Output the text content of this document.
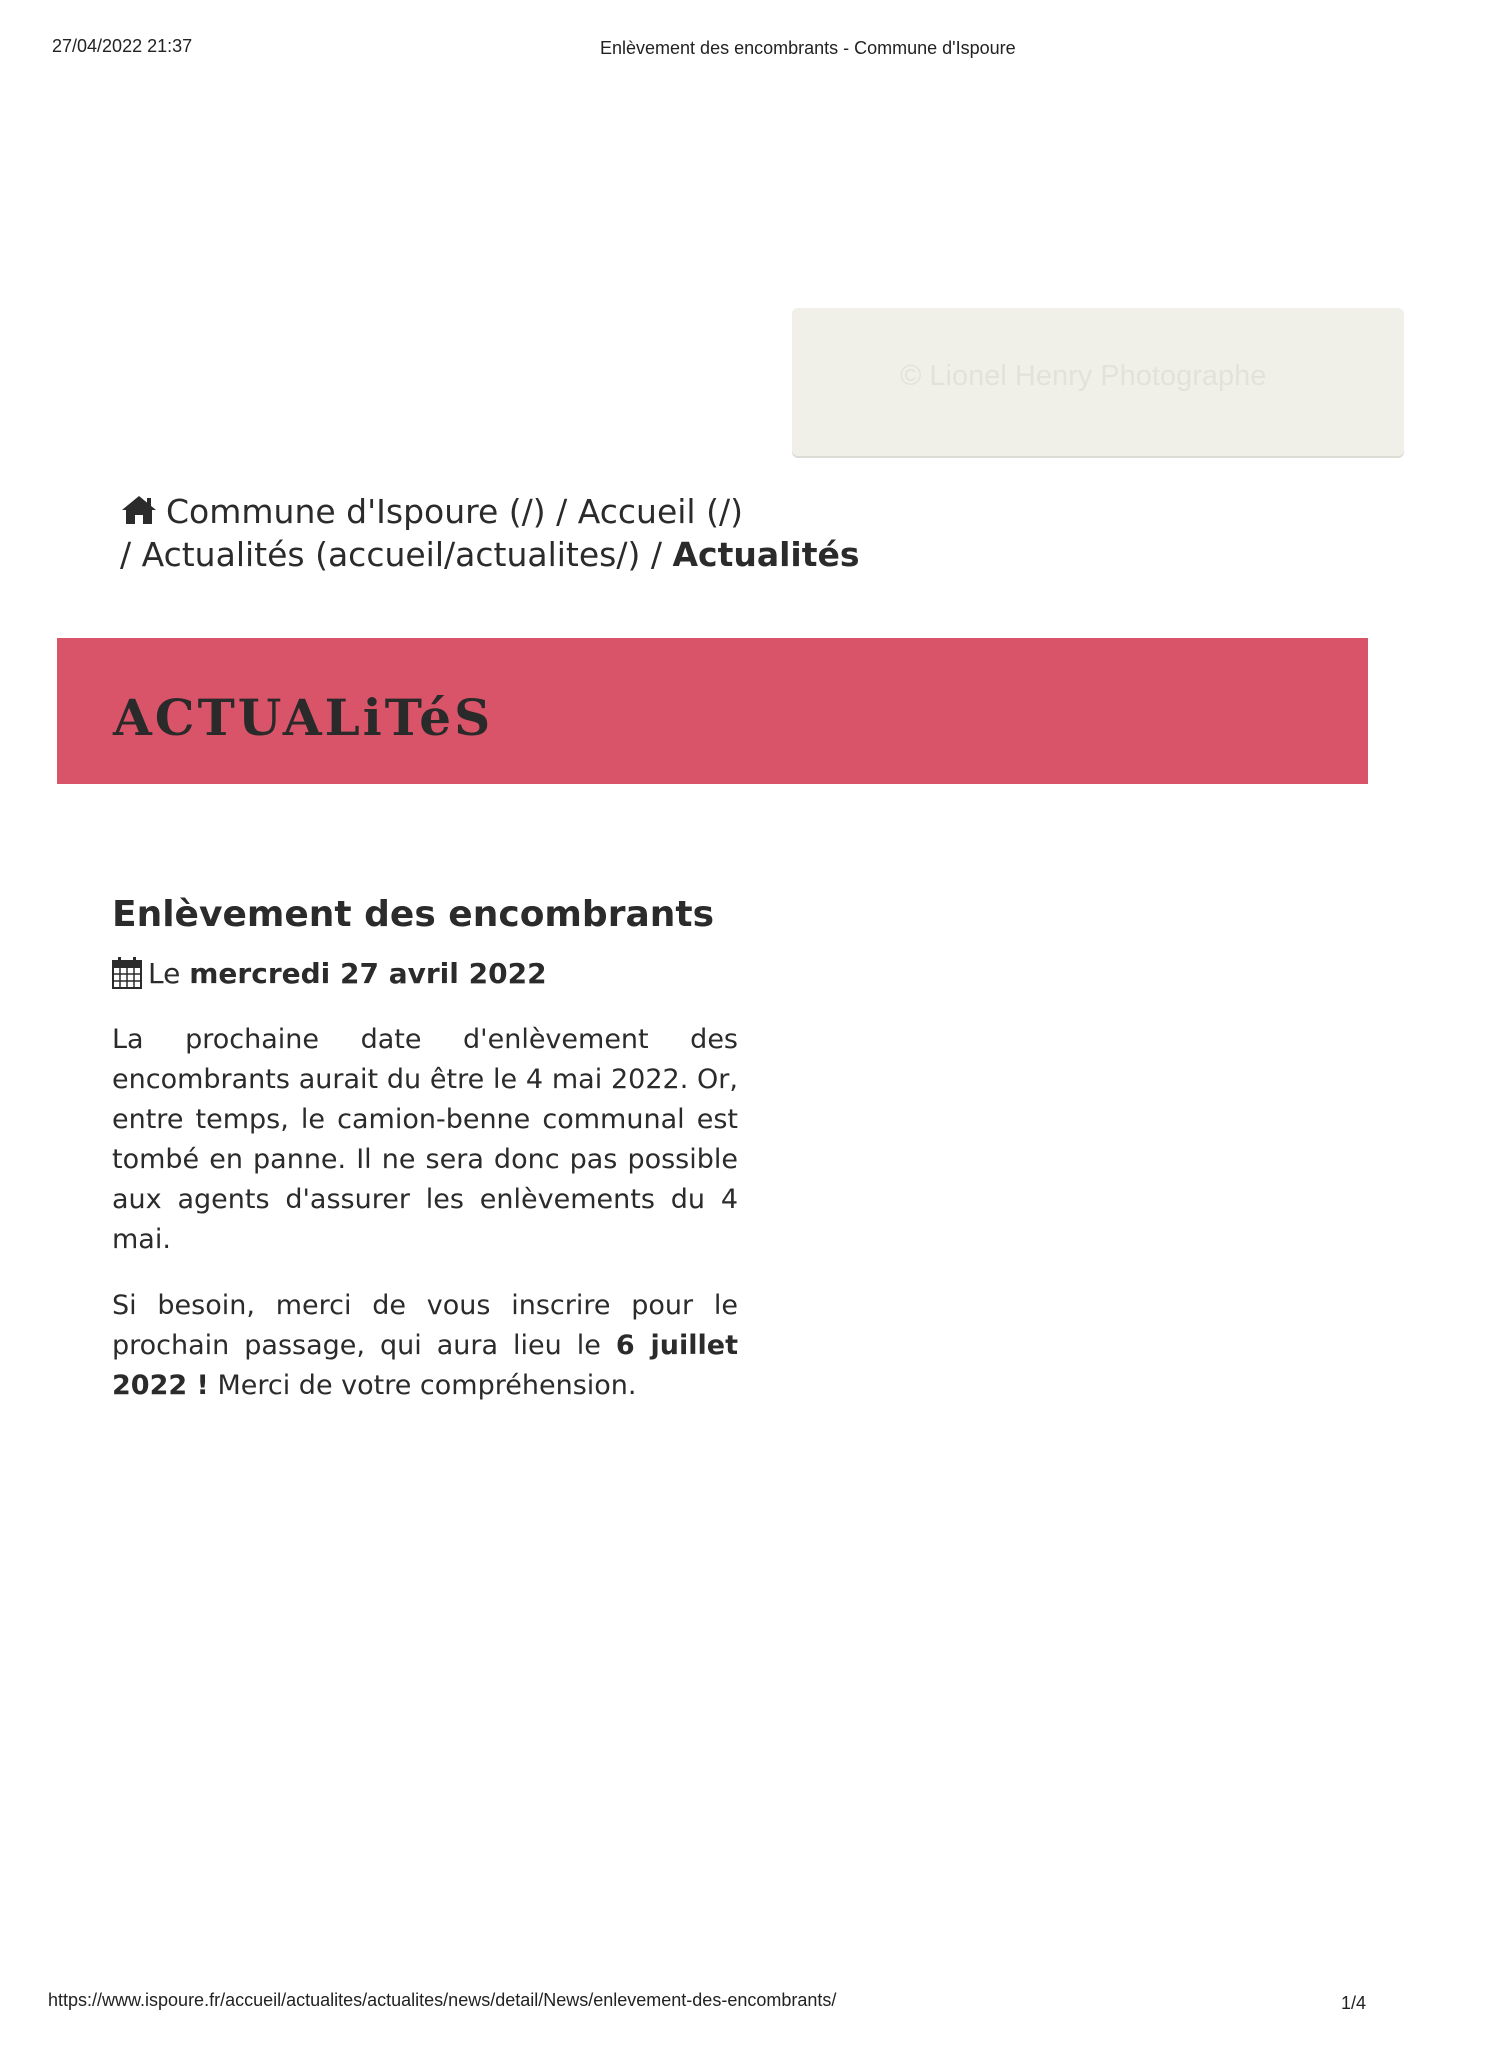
27/04/2022 21:37	Enlèvement des encombrants - Commune d'Ispoure
© Lionel Henry Photographe
Commune d'Ispoure (/) / Accueil (/)
/ Actualités (accueil/actualites/) / Actualités
ACTUALiTéS
Enlèvement des encombrants
Le mercredi 27 avril 2022

La prochaine date d'enlèvement des encombrants aurait du être le 4 mai 2022. Or, entre temps, le camion-benne communal est tombé en panne. Il ne sera donc pas possible aux agents d'assurer les enlèvements du 4 mai.

Si besoin, merci de vous inscrire pour le prochain passage, qui aura lieu le 6 juillet 2022 ! Merci de votre compréhension.

https://www.ispoure.fr/accueil/actualites/actualites/news/detail/News/enlevement-des-encombrants/	1/4
